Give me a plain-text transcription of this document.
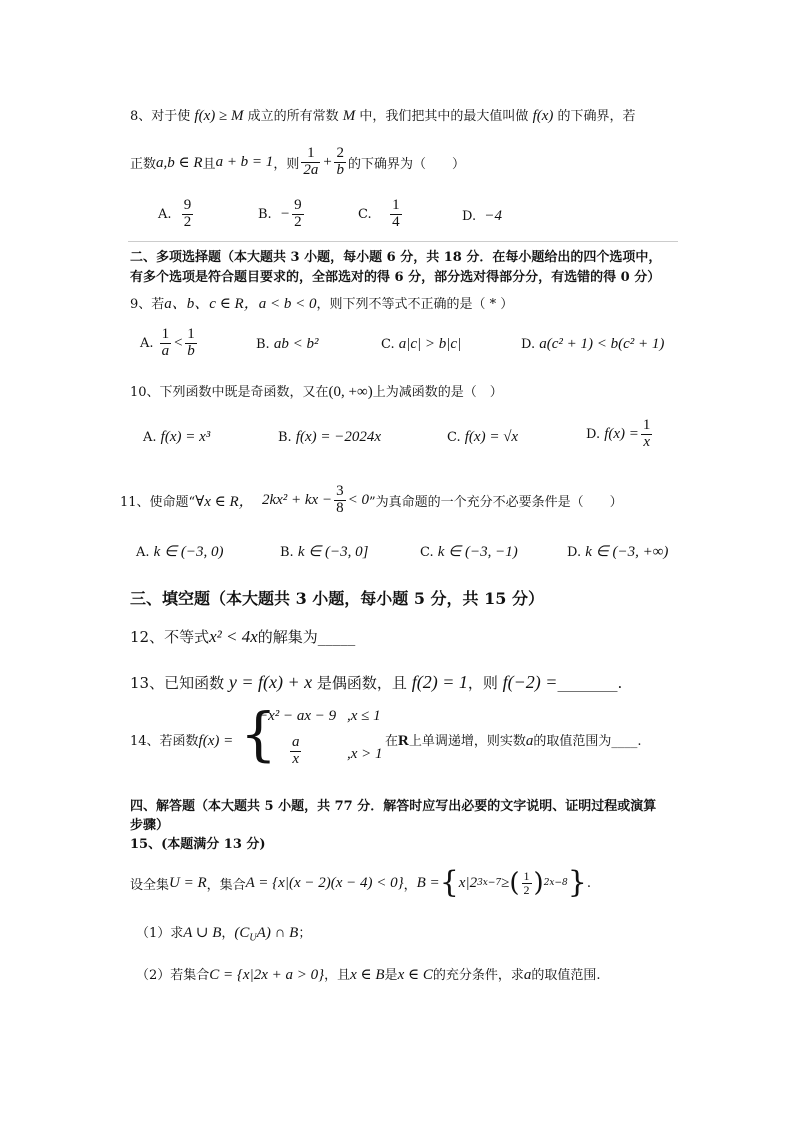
8、对于使 f(x) ≥ M 成立的所有常数 M 中，我们把其中的最大值叫做 f(x) 的下确界，若
正数 a,b ∈ R 且 a + b = 1 ，则 $\frac{1}{2a} + \frac{2}{b}$ 的下确界为（　　）
A.
$\frac{9}{2}$	B.
− $\frac{9}{2}$	C.
$\frac{1}{4}$	D. −4
二、多项选择题（本大题共 3 小题，每小题 6 分，共 18 分．在每小题给出的四个选项中，
有多个选项是符合题目要求的，全部选对的得 6 分，部分选对得部分分，有选错的得 0 分）
9、若a、b、c ∈ R，a < b < 0，则下列不等式不正确的是（ * ）
A.
$\frac{1}{a} < \frac{1}{b}$	B. ab < b²	C. a|c| > b|c|	D. a(c² + 1) < b(c² + 1)
10、下列函数中既是奇函数，又在(0, +∞)上为减函数的是（　）
A. f(x) = x³	B. f(x) = −2024x	C. f(x) = √x	D.
$f(x) = \frac{1}{x}$
11、使命题“ ∀x ∈ R，
2kx² + kx − $\frac{3}{8} < 0$ ”为真命题的一个充分不必要条件是（　　）
A. k ∈ (−3, 0)	B. k ∈ (−3, 0]	C. k ∈ (−3, −1)	D. k ∈ (−3, +∞)
三、填空题（本大题共 3 小题，每小题 5 分，共 15 分）
12、不等式x² < 4x的解集为_____
13、已知函数 y = f(x) + x 是偶函数，且 f(2) = 1，则 f(−2) =________.
14、若函数f(x) = {
−x² − ax − 9 ,x ≤ 1
$\frac{a}{x}$	,x > 1
在R上单调递增，则实数a的取值范围为____.
四、解答题（本大题共 5 小题，共 77 分．解答时应写出必要的文字说明、证明过程或演算
步骤）
15、(本题满分 13 分)
设全集 U = R ，集合 A = {x|(x − 2)(x − 4) < 0} ， B = { x|2 3x−7 ≥ ( $\frac{1}{2}$ ) 2x−8 } .
（1）求A ∪ B，$(C_UA)$ ∩ B；
（2）若集合C = {x|2x + a > 0}，且x ∈ B是x ∈ C的充分条件，求a的取值范围.
